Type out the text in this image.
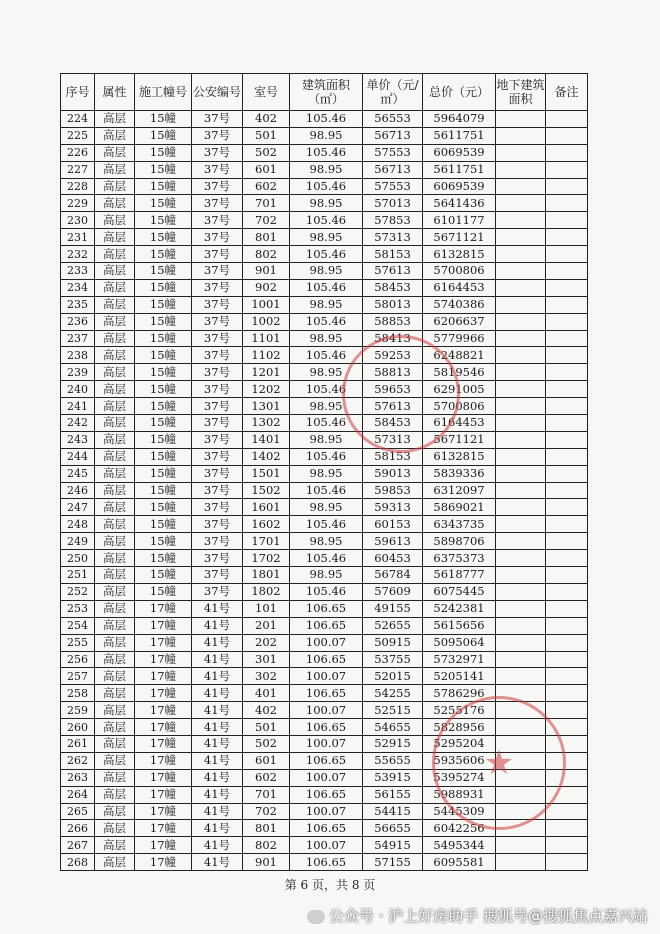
序号	属性	施工幢号	公安编号	室号	建筑面积（㎡）	单价（元/㎡）	总价（元）	地下建筑面积	备注
224	高层	15幢	37号	402	105.46	56553	5964079		
225	高层	15幢	37号	501	98.95	56713	5611751		
226	高层	15幢	37号	502	105.46	57553	6069539		
227	高层	15幢	37号	601	98.95	56713	5611751		
228	高层	15幢	37号	602	105.46	57553	6069539		
229	高层	15幢	37号	701	98.95	57013	5641436		
230	高层	15幢	37号	702	105.46	57853	6101177		
231	高层	15幢	37号	801	98.95	57313	5671121		
232	高层	15幢	37号	802	105.46	58153	6132815		
233	高层	15幢	37号	901	98.95	57613	5700806		
234	高层	15幢	37号	902	105.46	58453	6164453		
235	高层	15幢	37号	1001	98.95	58013	5740386		
236	高层	15幢	37号	1002	105.46	58853	6206637		
237	高层	15幢	37号	1101	98.95	58413	5779966		
238	高层	15幢	37号	1102	105.46	59253	6248821		
239	高层	15幢	37号	1201	98.95	58813	5819546		
240	高层	15幢	37号	1202	105.46	59653	6291005		
241	高层	15幢	37号	1301	98.95	57613	5700806		
242	高层	15幢	37号	1302	105.46	58453	6164453		
243	高层	15幢	37号	1401	98.95	57313	5671121		
244	高层	15幢	37号	1402	105.46	58153	6132815		
245	高层	15幢	37号	1501	98.95	59013	5839336		
246	高层	15幢	37号	1502	105.46	59853	6312097		
247	高层	15幢	37号	1601	98.95	59313	5869021		
248	高层	15幢	37号	1602	105.46	60153	6343735		
249	高层	15幢	37号	1701	98.95	59613	5898706		
250	高层	15幢	37号	1702	105.46	60453	6375373		
251	高层	15幢	37号	1801	98.95	56784	5618777		
252	高层	15幢	37号	1802	105.46	57609	6075445		
253	高层	17幢	41号	101	106.65	49155	5242381		
254	高层	17幢	41号	201	106.65	52655	5615656		
255	高层	17幢	41号	202	100.07	50915	5095064		
256	高层	17幢	41号	301	106.65	53755	5732971		
257	高层	17幢	41号	302	100.07	52015	5205141		
258	高层	17幢	41号	401	106.65	54255	5786296		
259	高层	17幢	41号	402	100.07	52515	5255176		
260	高层	17幢	41号	501	106.65	54655	5828956		
261	高层	17幢	41号	502	100.07	52915	5295204		
262	高层	17幢	41号	601	106.65	55655	5935606		
263	高层	17幢	41号	602	100.07	53915	5395274		
264	高层	17幢	41号	701	106.65	56155	5988931		
265	高层	17幢	41号	702	100.07	54415	5445309		
266	高层	17幢	41号	801	106.65	56655	6042256		
267	高层	17幢	41号	802	100.07	54915	5495344		
268	高层	17幢	41号	901	106.65	57155	6095581		
★
第 6 页，共 8 页
公众号 · 沪上好房助手 搜狐号@搜狐焦点嘉兴站
